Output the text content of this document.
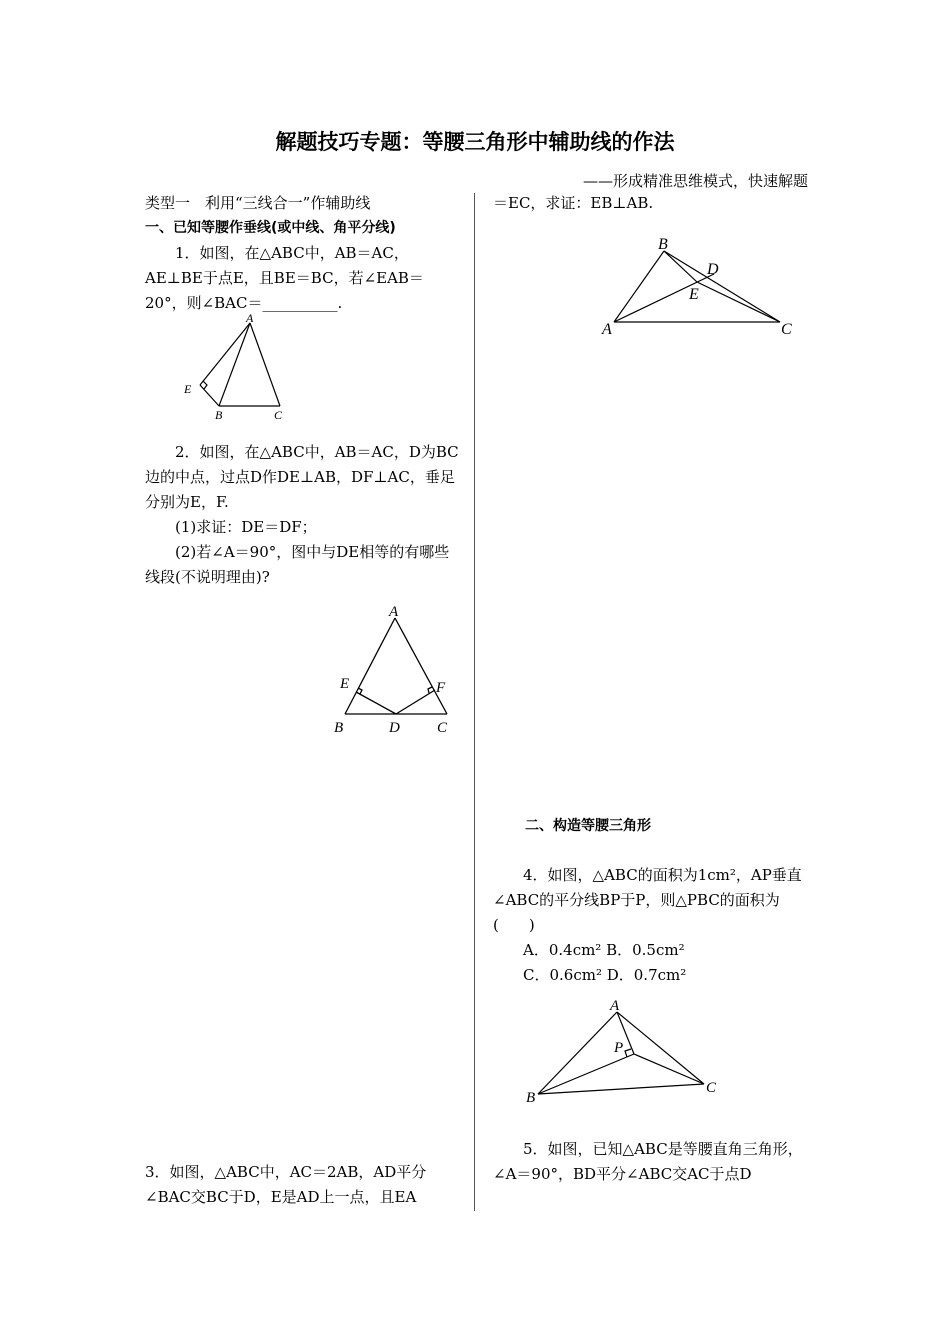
解题技巧专题：等腰三角形中辅助线的作法
——形成精准思维模式，快速解题

类型一　利用“三线合一”作辅助线

一、已知等腰作垂线(或中线、角平分线)

1．如图，在△ABC中，AB＝AC，AE⊥BE于点E，且BE＝BC，若∠EAB＝20°，则∠BAC＝__________.

A
E
B	C

2．如图，在△ABC中，AB＝AC，D为BC边的中点，过点D作DE⊥AB，DF⊥AC，垂足分别为E，F.

(1)求证：DE＝DF；

(2)若∠A＝90°，图中与DE相等的有哪些线段(不说明理由)?

A
E	F
B	D C

3．如图，△ABC中，AC＝2AB，AD平分∠BAC交BC于D，E是AD上一点，且EA

＝EC，求证：EB⊥AB.

B
D
E
A	C

二、构造等腰三角形

4．如图，△ABC的面积为1cm²，AP垂直∠ABC的平分线BP于P，则△PBC的面积为　　　(　　)

A．0.4cm² B．0.5cm²

C．0.6cm² D．0.7cm²

A
P
B
C

5．如图，已知△ABC是等腰直角三角形，∠A＝90°，BD平分∠ABC交AC于点D
